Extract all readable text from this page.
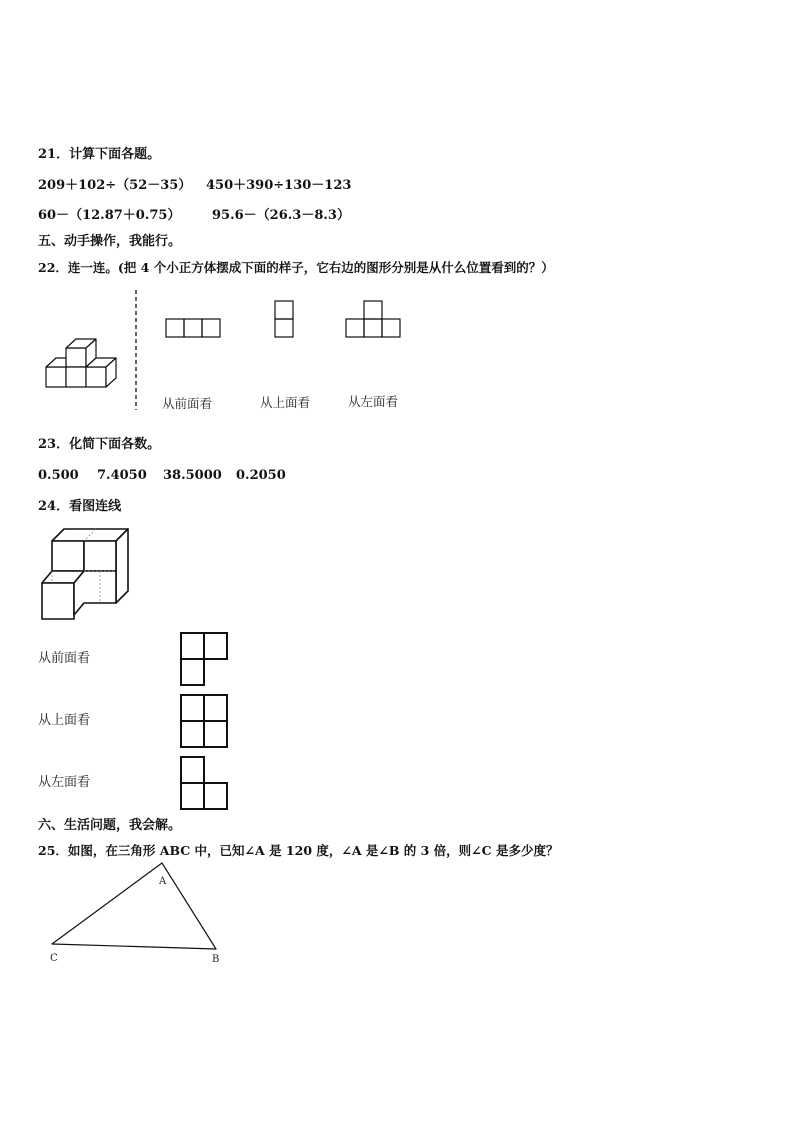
21．计算下面各题。
209＋102÷（52－35） 450＋390÷130－123
60－（12.87＋0.75） 95.6－（26.3－8.3）
五、动手操作，我能行。
22．连一连。(把 4 个小正方体摆成下面的样子，它右边的图形分别是从什么位置看到的？）
从前面看	从上面看	从左面看
23．化简下面各数。
0.500 7.4050 38.5000 0.2050
24．看图连线
从前面看
从上面看
从左面看
六、生活问题，我会解。
25．如图，在三角形 ABC 中，已知∠A 是 120 度，∠A 是∠B 的 3 倍，则∠C 是多少度？
A
B
C
